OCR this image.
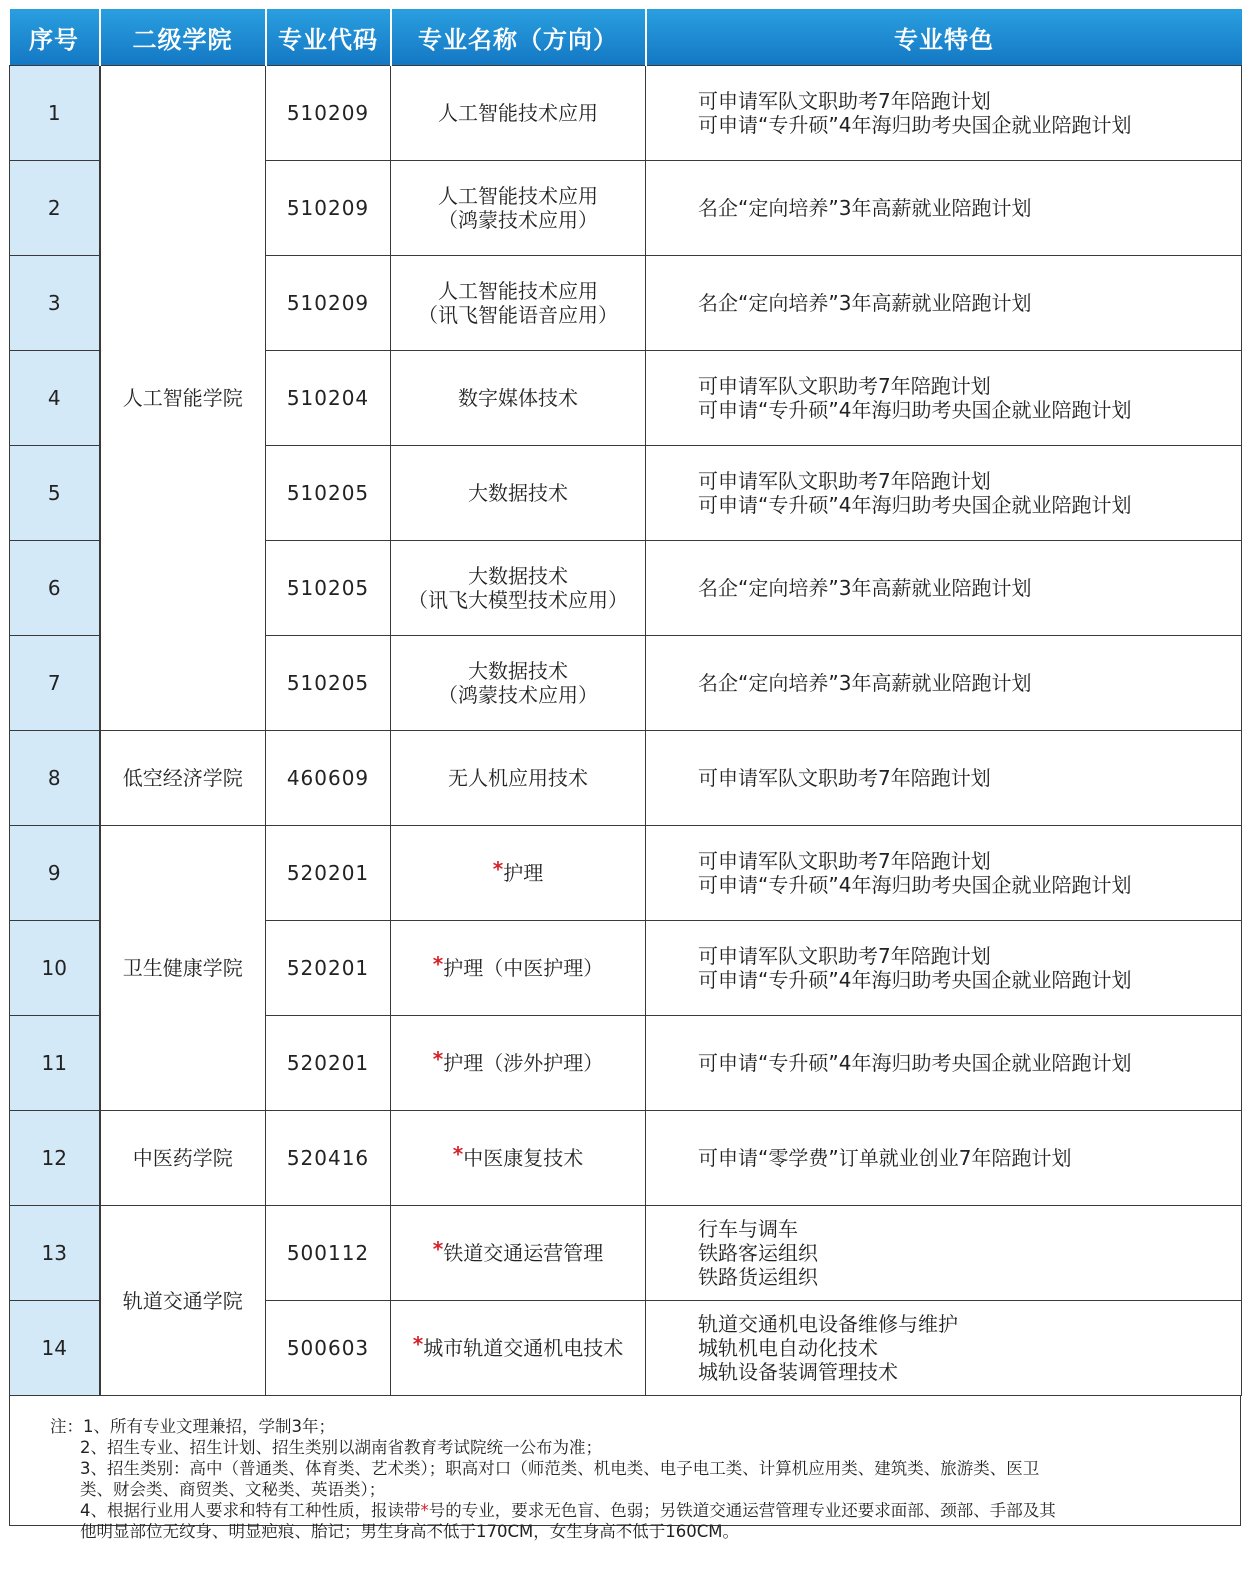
序号	二级学院	专业代码	专业名称（方向）	专业特色
1	人工智能学院	510209	人工智能技术应用	可申请军队文职助考7年陪跑计划
可申请“专升硕”4年海归助考央国企就业陪跑计划

2		510209	人工智能技术应用
（鸿蒙技术应用）	名企“定向培养”3年高薪就业陪跑计划

3		510209	人工智能技术应用
（讯飞智能语音应用）	名企“定向培养”3年高薪就业陪跑计划

4		510204	数字媒体技术	可申请军队文职助考7年陪跑计划
可申请“专升硕”4年海归助考央国企就业陪跑计划

5		510205	大数据技术	可申请军队文职助考7年陪跑计划
可申请“专升硕”4年海归助考央国企就业陪跑计划

6		510205	大数据技术
（讯飞大模型技术应用）	名企“定向培养”3年高薪就业陪跑计划

7		510205	大数据技术
（鸿蒙技术应用）	名企“定向培养”3年高薪就业陪跑计划

8	低空经济学院	460609	无人机应用技术	可申请军队文职助考7年陪跑计划

9	卫生健康学院	520201	*护理	可申请军队文职助考7年陪跑计划
可申请“专升硕”4年海归助考央国企就业陪跑计划

10		520201	*护理（中医护理）	可申请军队文职助考7年陪跑计划
可申请“专升硕”4年海归助考央国企就业陪跑计划

11		520201	*护理（涉外护理）	可申请“专升硕”4年海归助考央国企就业陪跑计划

12	中医药学院	520416	*中医康复技术	可申请“零学费”订单就业创业7年陪跑计划

13	轨道交通学院	500112	*铁道交通运营管理	行车与调车
铁路客运组织
铁路货运组织

14		500603	*城市轨道交通机电技术	轨道交通机电设备维修与维护
城轨机电自动化技术
城轨设备装调管理技术
注：1、所有专业文理兼招，学制3年；
2、招生专业、招生计划、招生类别以湖南省教育考试院统一公布为准；
3、招生类别：高中（普通类、体育类、艺术类）；职高对口（师范类、机电类、电子电工类、计算机应用类、建筑类、旅游类、医卫
类、财会类、商贸类、文秘类、英语类）；
4、根据行业用人要求和特有工种性质，报读带*号的专业，要求无色盲、色弱；另铁道交通运营管理专业还要求面部、颈部、手部及其
他明显部位无纹身、明显疤痕、胎记；男生身高不低于170CM，女生身高不低于160CM。
